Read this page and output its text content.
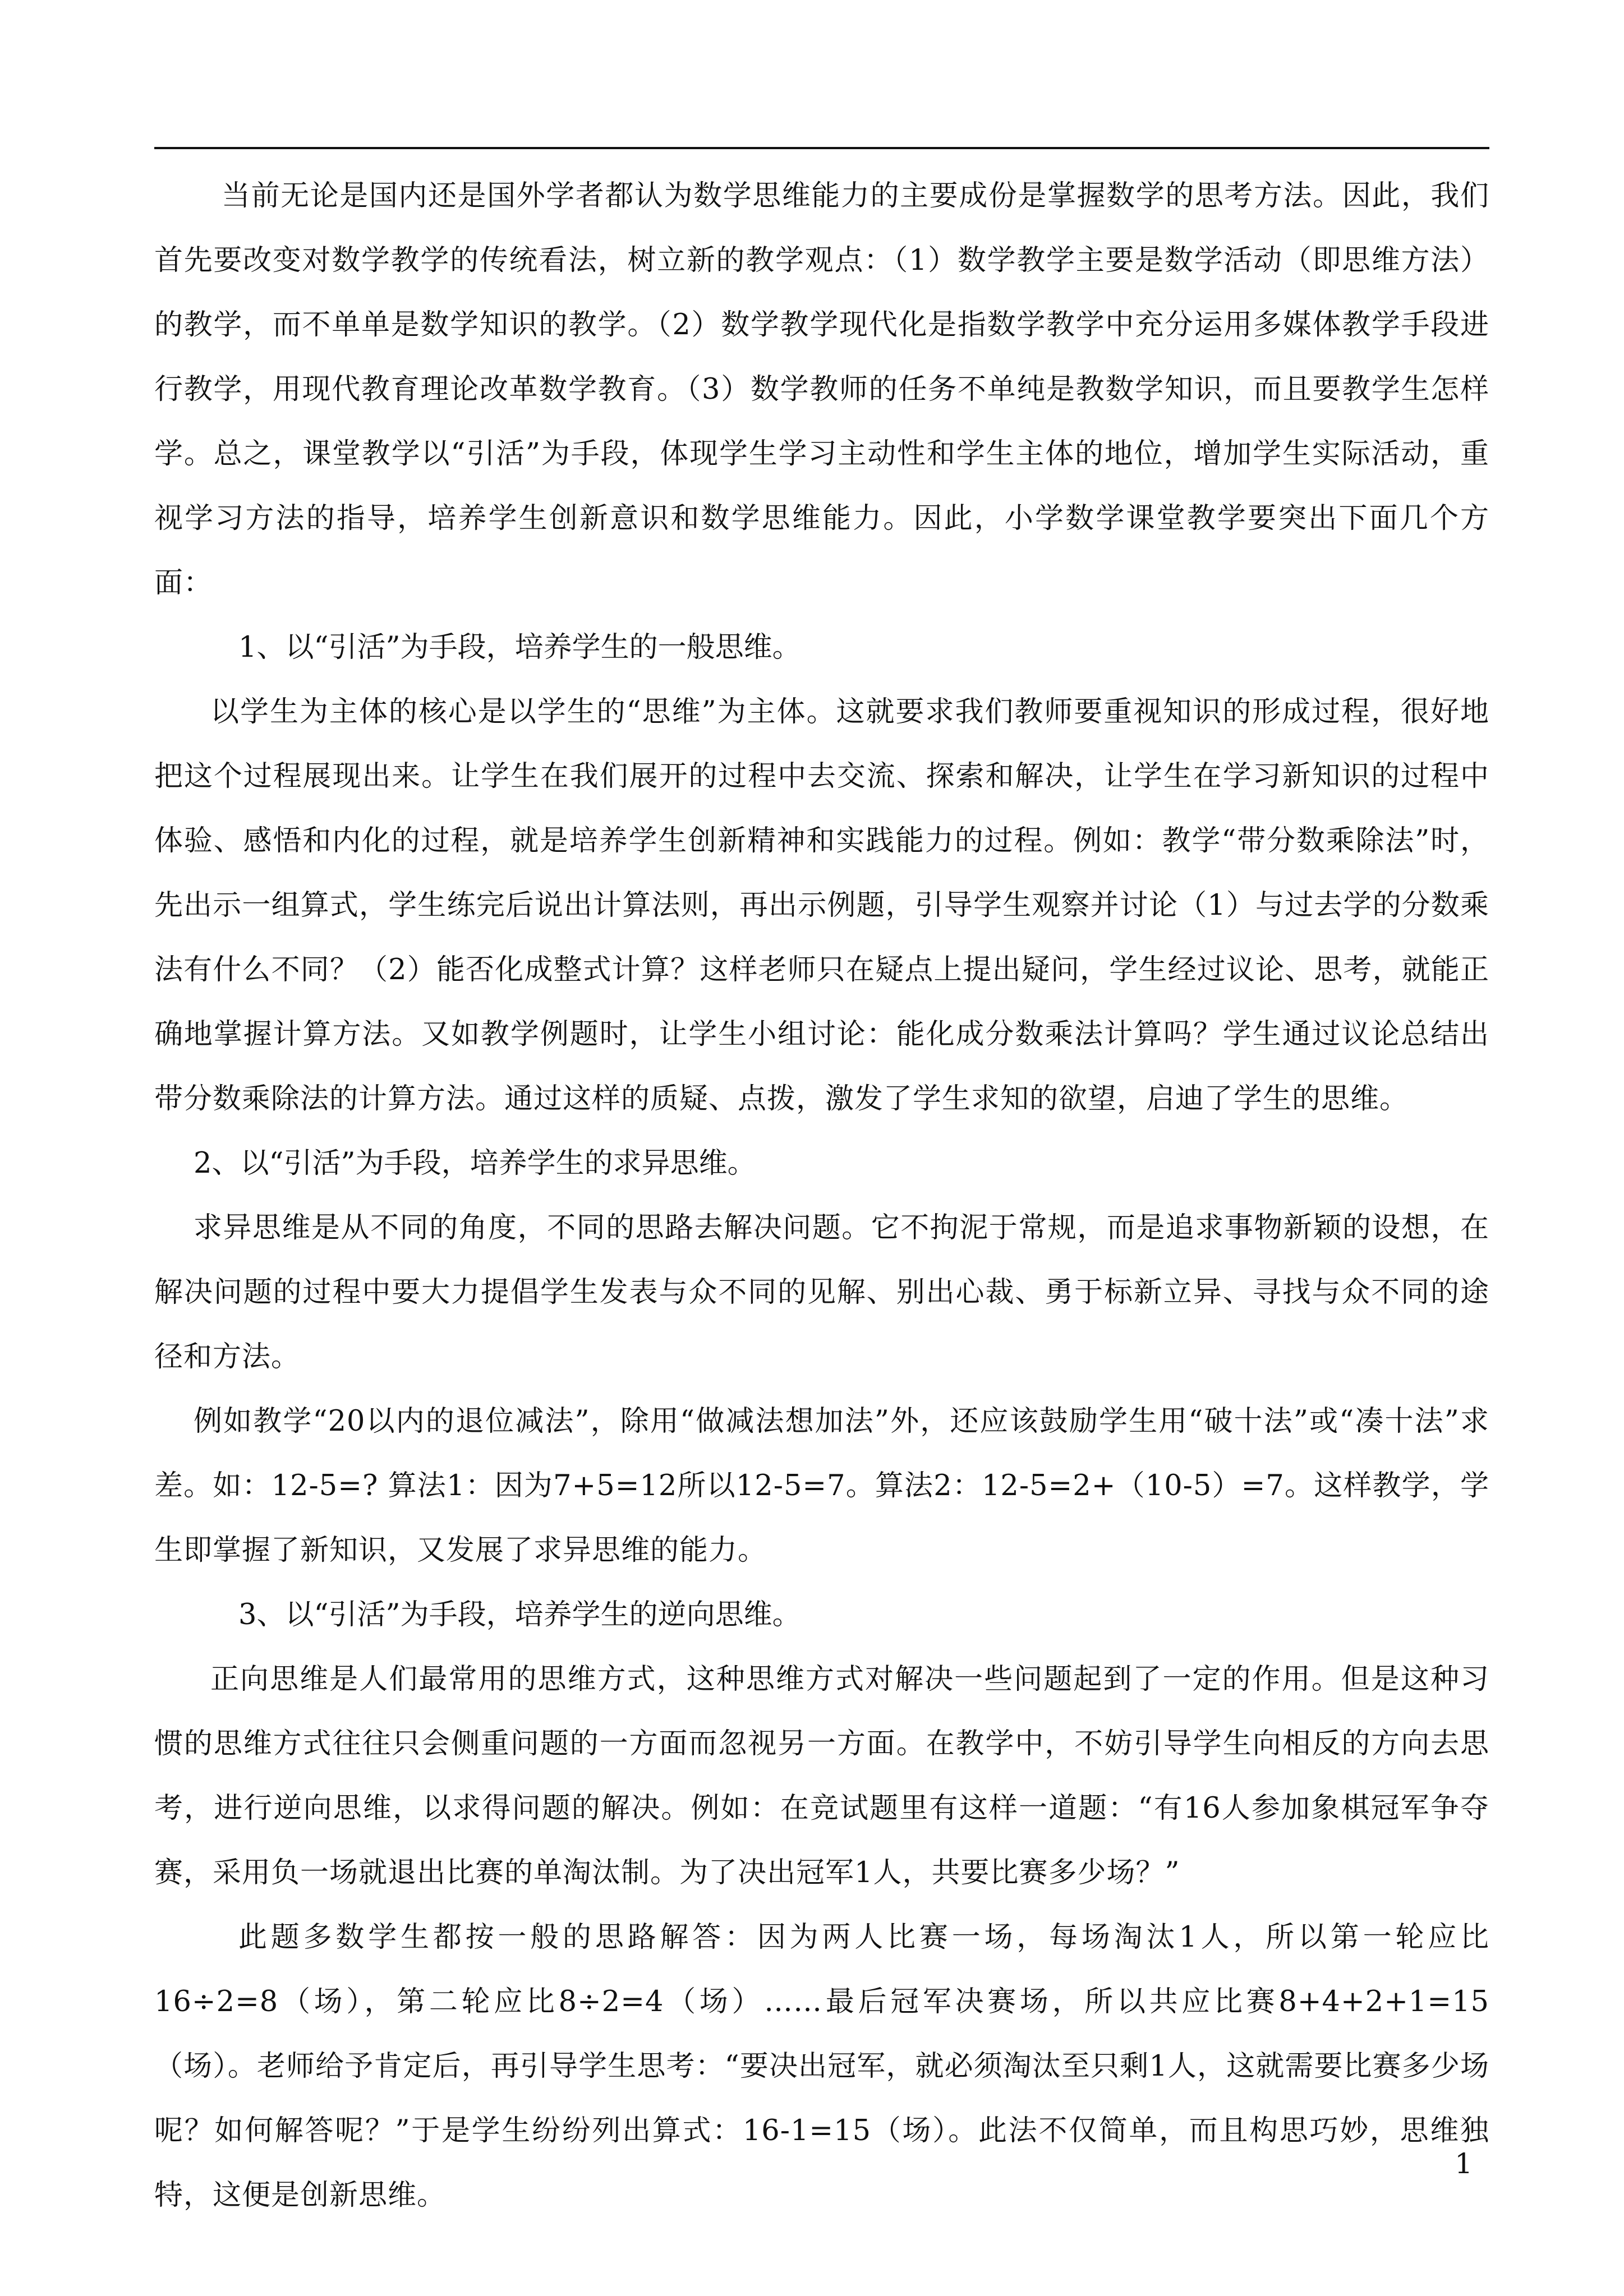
当前无论是国内还是国外学者都认为数学思维能力的主要成份是掌握数学的思考方法。因此，我们首先要改变对数学教学的传统看法，树立新的教学观点：（1）数学教学主要是数学活动（即思维方法）的教学，而不单单是数学知识的教学。（2）数学教学现代化是指数学教学中充分运用多媒体教学手段进行教学，用现代教育理论改革数学教育。（3）数学教师的任务不单纯是教数学知识，而且要教学生怎样学。总之，课堂教学以“引活”为手段，体现学生学习主动性和学生主体的地位，增加学生实际活动，重视学习方法的指导，培养学生创新意识和数学思维能力。因此，小学数学课堂教学要突出下面几个方面：

1、以“引活”为手段，培养学生的一般思维。

以学生为主体的核心是以学生的“思维”为主体。这就要求我们教师要重视知识的形成过程，很好地把这个过程展现出来。让学生在我们展开的过程中去交流、探索和解决，让学生在学习新知识的过程中体验、感悟和内化的过程，就是培养学生创新精神和实践能力的过程。例如：教学“带分数乘除法”时，先出示一组算式，学生练完后说出计算法则，再出示例题，引导学生观察并讨论（1）与过去学的分数乘法有什么不同？（2）能否化成整式计算？这样老师只在疑点上提出疑问，学生经过议论、思考，就能正确地掌握计算方法。又如教学例题时，让学生小组讨论：能化成分数乘法计算吗？学生通过议论总结出带分数乘除法的计算方法。通过这样的质疑、点拨，激发了学生求知的欲望，启迪了学生的思维。

2、以“引活”为手段，培养学生的求异思维。

求异思维是从不同的角度，不同的思路去解决问题。它不拘泥于常规，而是追求事物新颖的设想，在解决问题的过程中要大力提倡学生发表与众不同的见解、别出心裁、勇于标新立异、寻找与众不同的途径和方法。

例如教学“20以内的退位减法”，除用“做减法想加法”外，还应该鼓励学生用“破十法”或“凑十法”求差。如：12-5=? 算法1：因为7+5=12所以12-5=7。算法2：12-5=2+（10-5）=7。这样教学，学生即掌握了新知识，又发展了求异思维的能力。

3、以“引活”为手段，培养学生的逆向思维。

正向思维是人们最常用的思维方式，这种思维方式对解决一些问题起到了一定的作用。但是这种习惯的思维方式往往只会侧重问题的一方面而忽视另一方面。在教学中，不妨引导学生向相反的方向去思考，进行逆向思维，以求得问题的解决。例如：在竞试题里有这样一道题：“有16人参加象棋冠军争夺赛，采用负一场就退出比赛的单淘汰制。为了决出冠军1人，共要比赛多少场？”

此题多数学生都按一般的思路解答：因为两人比赛一场，每场淘汰1人，所以第一轮应比16÷2=8（场），第二轮应比8÷2=4（场）……最后冠军决赛场，所以共应比赛8+4+2+1=15（场）。老师给予肯定后，再引导学生思考：“要决出冠军，就必须淘汰至只剩1人，这就需要比赛多少场呢？如何解答呢？”于是学生纷纷列出算式：16-1=15（场）。此法不仅简单，而且构思巧妙，思维独特，这便是创新思维。

1
